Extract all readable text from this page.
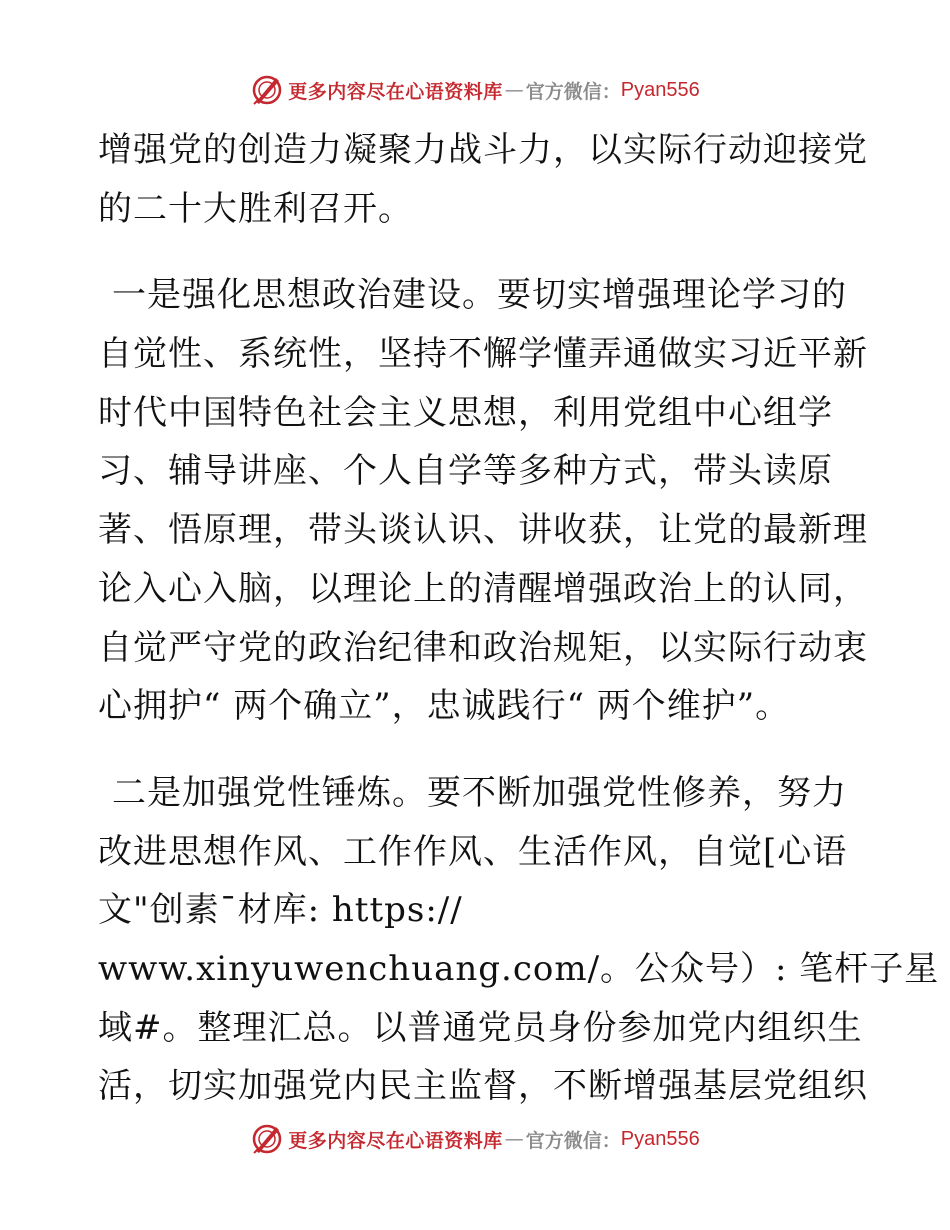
更多内容尽在心语资料库 — 官方微信： Pyan556
增强党的创造力凝聚力战斗力，以实际行动迎接党
的二十大胜利召开。
一是强化思想政治建设。要切实增强理论学习的
自觉性、系统性，坚持不懈学懂弄通做实习近平新
时代中国特色社会主义思想，利用党组中心组学
习、辅导讲座、个人自学等多种方式，带头读原
著、悟原理，带头谈认识、讲收获，让党的最新理
论入心入脑，以理论上的清醒增强政治上的认同，
自觉严守党的政治纪律和政治规矩，以实际行动衷
心拥护“ 两个确立”，忠诚践行“ 两个维护”。
二是加强党性锤炼。要不断加强党性修养，努力
改进思想作风、工作作风、生活作风，自觉[心语
文"创素¯材库: https://
www.xinyuwenchuang.com/。公众号）: 笔杆子星
域#。整理汇总。以普通党员身份参加党内组织生
活，切实加强党内民主监督，不断增强基层党组织
更多内容尽在心语资料库 — 官方微信： Pyan556
